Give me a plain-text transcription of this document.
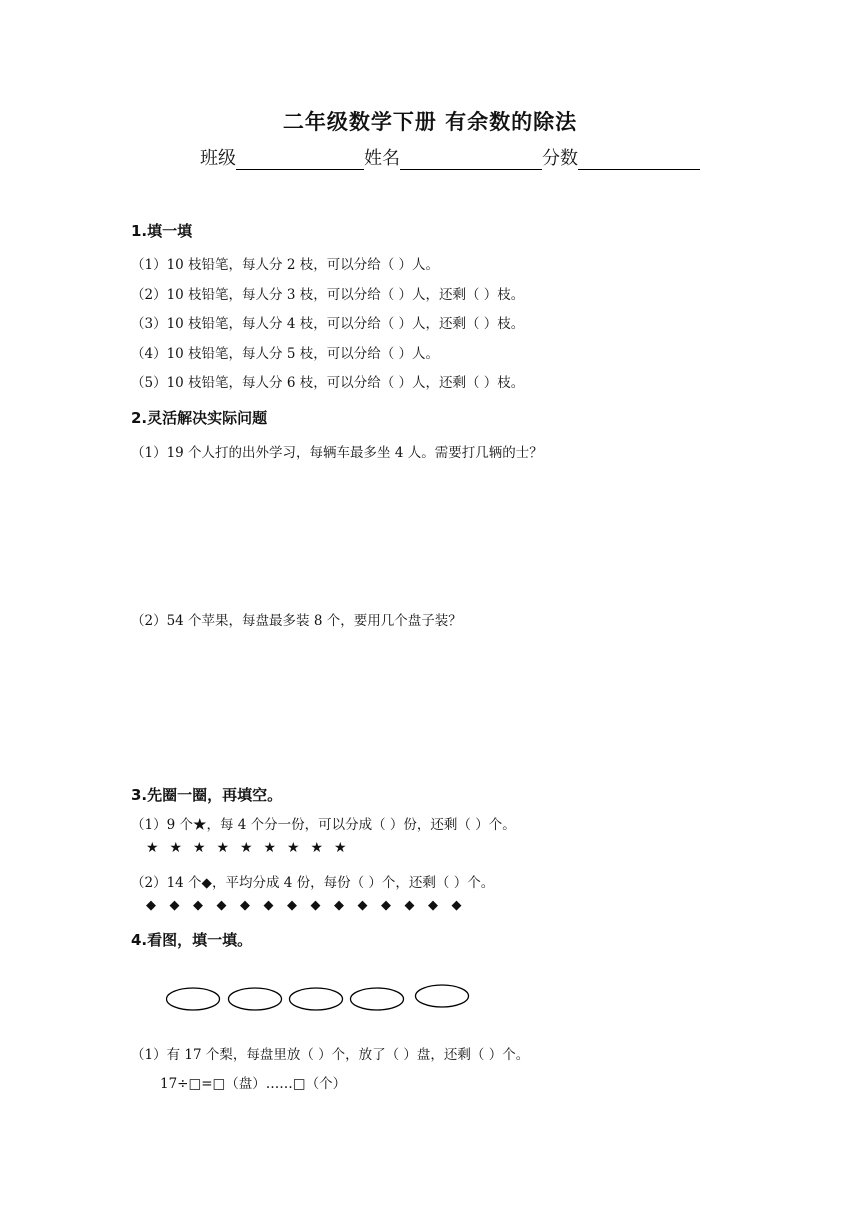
二年级数学下册 有余数的除法
班级	姓名	分数
1.填一填
（1）10 枝铅笔，每人分 2 枝，可以分给（ ）人。
（2）10 枝铅笔，每人分 3 枝，可以分给（ ）人，还剩（ ）枝。
（3）10 枝铅笔，每人分 4 枝，可以分给（ ）人，还剩（ ）枝。
（4）10 枝铅笔，每人分 5 枝，可以分给（ ）人。
（5）10 枝铅笔，每人分 6 枝，可以分给（ ）人，还剩（ ）枝。
2.灵活解决实际问题
（1）19 个人打的出外学习，每辆车最多坐 4 人。需要打几辆的士？
（2）54 个苹果，每盘最多装 8 个，要用几个盘子装？
3.先圈一圈，再填空。
（1）9 个★，每 4 个分一份，可以分成（ ）份，还剩（ ）个。
★ ★ ★ ★ ★ ★ ★ ★ ★
（2）14 个◆，平均分成 4 份，每份（ ）个，还剩（ ）个。
◆ ◆ ◆ ◆ ◆ ◆ ◆ ◆ ◆ ◆ ◆ ◆ ◆ ◆
4.看图，填一填。
（1）有 17 个梨，每盘里放（ ）个，放了（ ）盘，还剩（ ）个。
17÷□=□（盘）……□（个）
